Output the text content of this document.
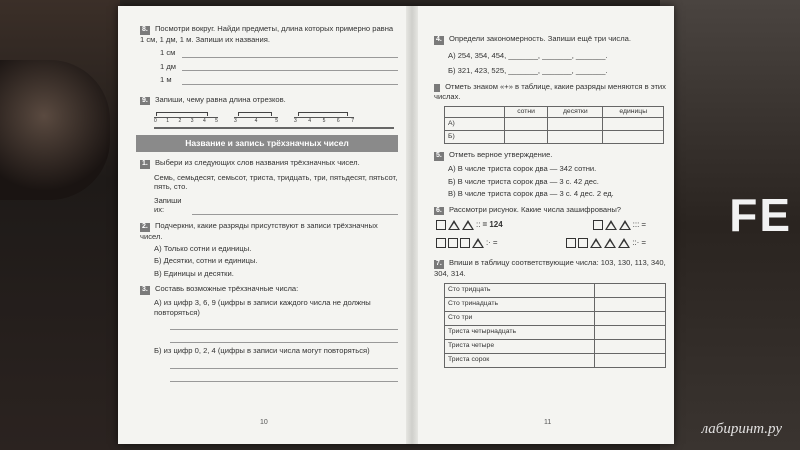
FE
8. Посмотри вокруг. Найди предметы, длина которых примерно равна 1 см, 1 дм, 1 м. Запиши их названия.
1 см
1 дм
1 м
9. Запиши, чему равна длина отрезков.
0 1 2 3 4 5	3	4	5	3 4 5 6 7
Название и запись трёхзначных чисел
1. Выбери из следующих слов названия трёхзначных чисел.
Семь, семьдесят, семьсот, триста, тридцать, три, пятьдесят, пятьсот, пять, сто.
Запиши их:
2. Подчеркни, какие разряды присутствуют в записи трёхзначных чисел.
А) Только сотни и единицы.
Б) Десятки, сотни и единицы.
В) Единицы и десятки.
3. Составь возможные трёхзначные числа:
А) из цифр 3, 6, 9 (цифры в записи каждого числа не должны повторяться)
Б) из цифр 0, 2, 4 (цифры в записи числа могут повторяться)
10
4. Определи закономерность. Запиши ещё три числа.
А) 254, 354, 454, _______, _______, _______.
Б) 321, 423, 525, _______, _______, _______.
Отметь знаком «+» в таблице, какие разряды меняются в этих числах.
	сотни	десятки	единицы
А)			
Б)			
5. Отметь верное утверждение.
А) В числе триста сорок два — 342 сотни.
Б) В числе триста сорок два — 3 с. 42 дес.
В) В числе триста сорок два — 3 с. 4 дес. 2 ед.
6. Рассмотри рисунок. Какие числа зашифрованы?
:: = 124	::: =
:· =	::· =
7. Впиши в таблицу соответствующие числа: 103, 130, 113, 340, 304, 314.
Сто тридцать	
Сто тринадцать	
Сто три	
Триста четырнадцать	
Триста четыре	
Триста сорок	
11	лабиринт.ру
